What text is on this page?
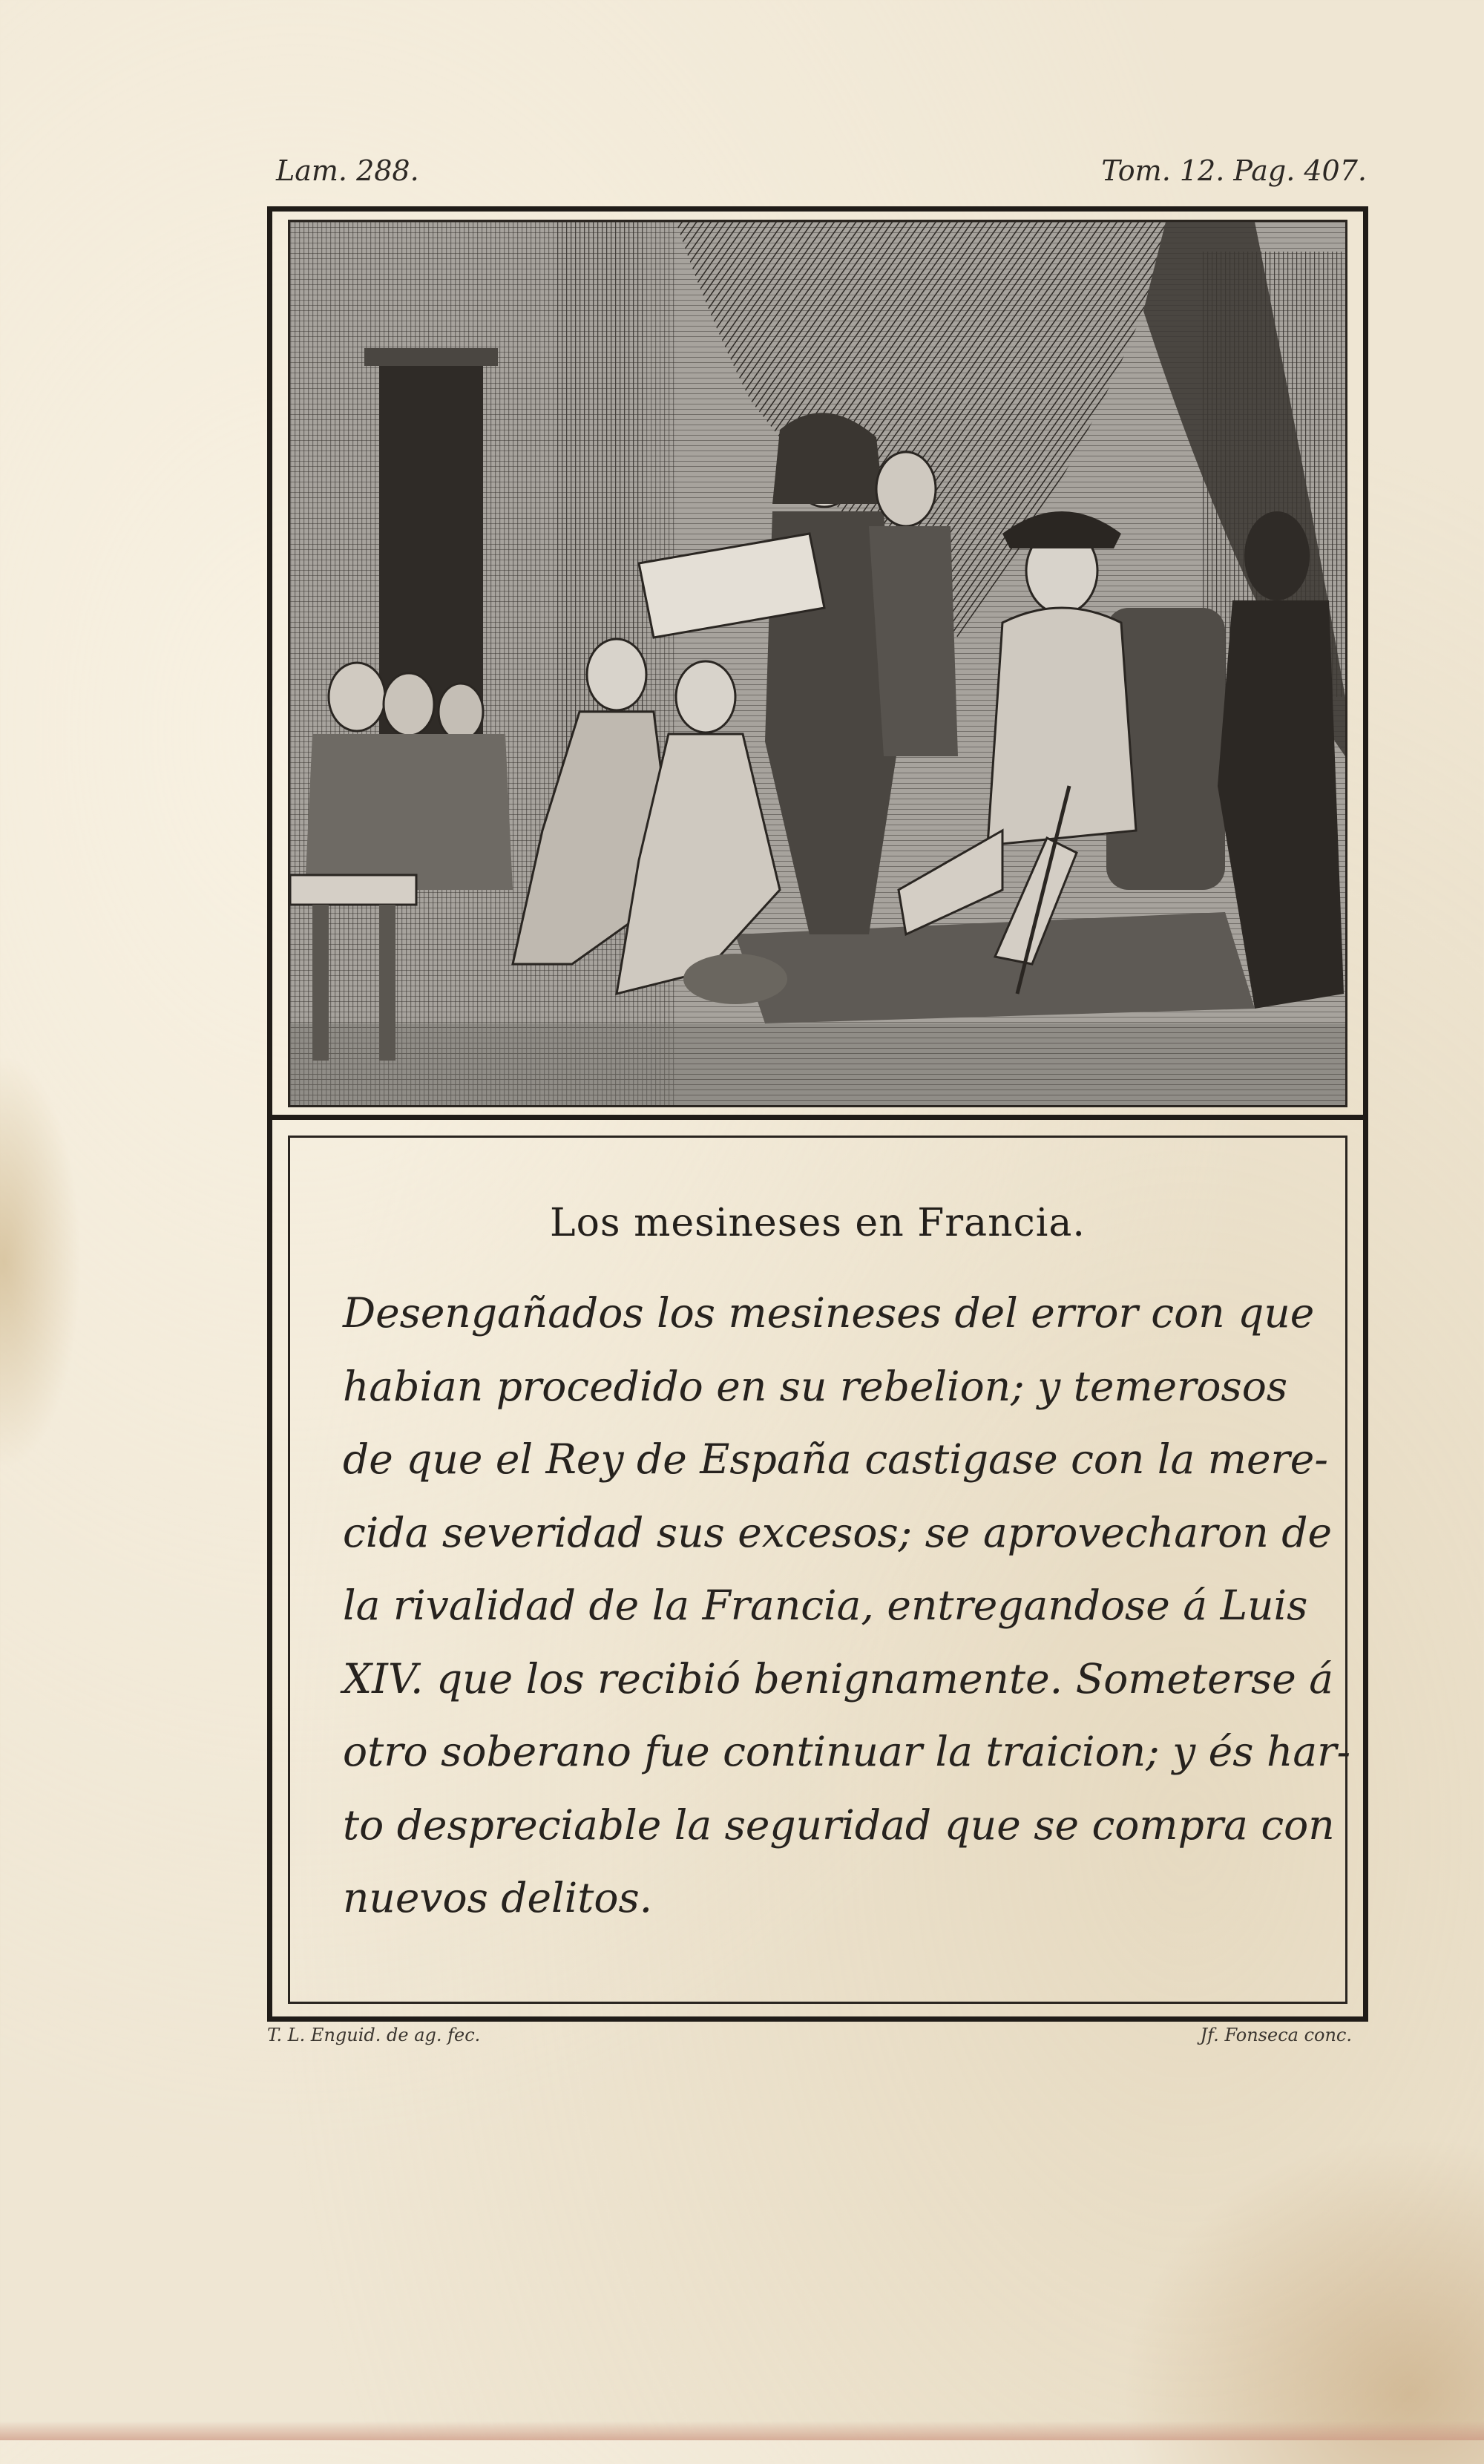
Lam. 288.	Tom. 12. Pag. 407.
Los mesineses en Francia.
Desengañados los mesineses del error con que
habian procedido en su rebelion; y temerosos
de que el Rey de España castigase con la mere-
cida severidad sus excesos; se aprovecharon de
la rivalidad de la Francia, entregandose á Luis
XIV. que los recibió benignamente. Someterse á
otro soberano fue continuar la traicion; y és har-
to despreciable la seguridad que se compra con
nuevos delitos.
T. L. Enguid. de ag. fec.	Jf. Fonseca conc.
